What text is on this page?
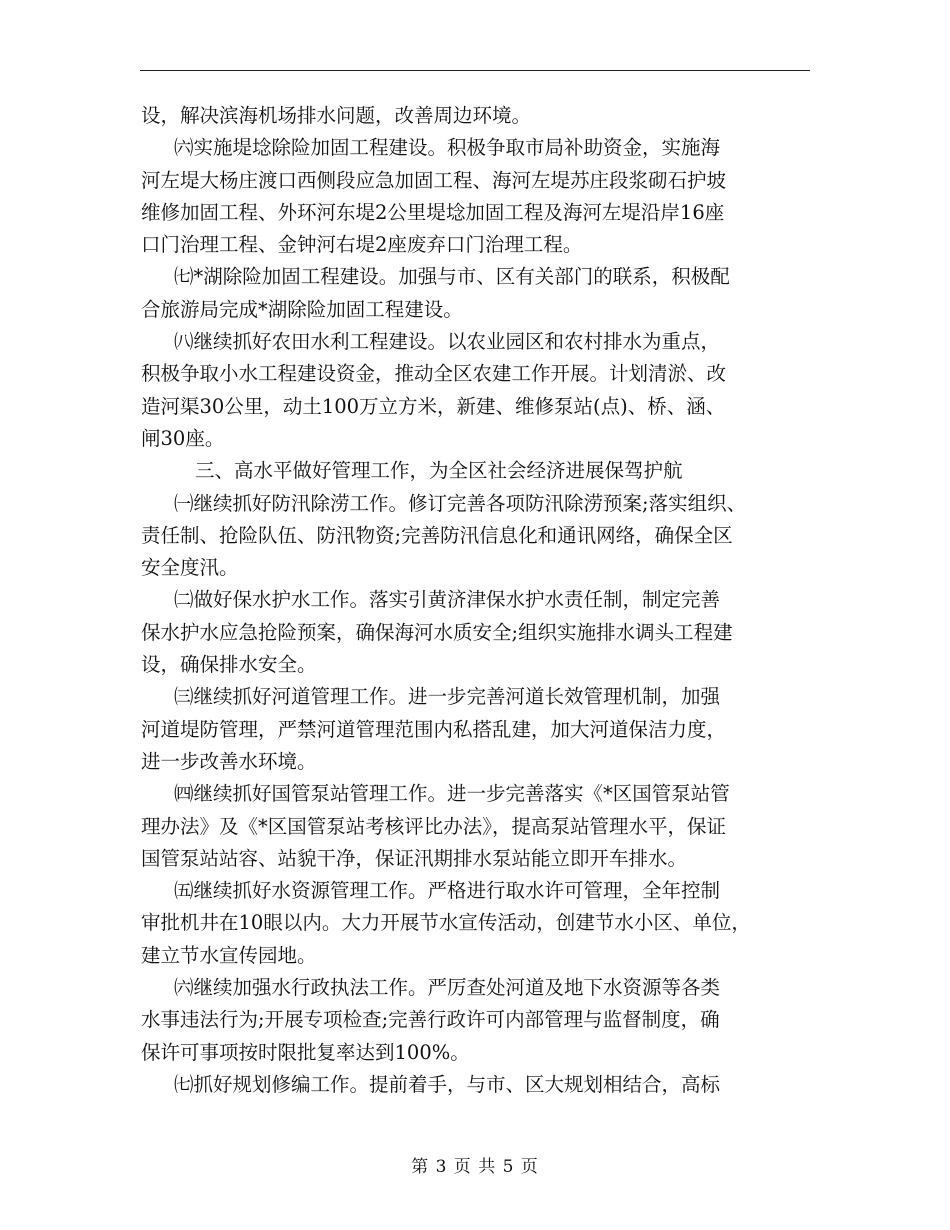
设，解决滨海机场排水问题，改善周边环境。
㈥实施堤埝除险加固工程建设。积极争取市局补助资金，实施海
河左堤大杨庄渡口西侧段应急加固工程、海河左堤苏庄段浆砌石护坡
维修加固工程、外环河东堤2公里堤埝加固工程及海河左堤沿岸16座
口门治理工程、金钟河右堤2座废弃口门治理工程。
㈦*湖除险加固工程建设。加强与市、区有关部门的联系，积极配
合旅游局完成*湖除险加固工程建设。
㈧继续抓好农田水利工程建设。以农业园区和农村排水为重点，
积极争取小水工程建设资金，推动全区农建工作开展。计划清淤、改
造河渠30公里，动土100万立方米，新建、维修泵站(点)、桥、涵、
闸30座。
三、高水平做好管理工作，为全区社会经济进展保驾护航
㈠继续抓好防汛除涝工作。修订完善各项防汛除涝预案;落实组织、
责任制、抢险队伍、防汛物资;完善防汛信息化和通讯网络，确保全区
安全度汛。
㈡做好保水护水工作。落实引黄济津保水护水责任制，制定完善
保水护水应急抢险预案，确保海河水质安全;组织实施排水调头工程建
设，确保排水安全。
㈢继续抓好河道管理工作。进一步完善河道长效管理机制，加强
河道堤防管理，严禁河道管理范围内私搭乱建，加大河道保洁力度，
进一步改善水环境。
㈣继续抓好国管泵站管理工作。进一步完善落实《*区国管泵站管
理办法》及《*区国管泵站考核评比办法》，提高泵站管理水平，保证
国管泵站站容、站貌干净，保证汛期排水泵站能立即开车排水。
㈤继续抓好水资源管理工作。严格进行取水许可管理，全年控制
审批机井在10眼以内。大力开展节水宣传活动，创建节水小区、单位，
建立节水宣传园地。
㈥继续加强水行政执法工作。严厉查处河道及地下水资源等各类
水事违法行为;开展专项检查;完善行政许可内部管理与监督制度，确
保许可事项按时限批复率达到100%。
㈦抓好规划修编工作。提前着手，与市、区大规划相结合，高标
第 3 页 共 5 页
